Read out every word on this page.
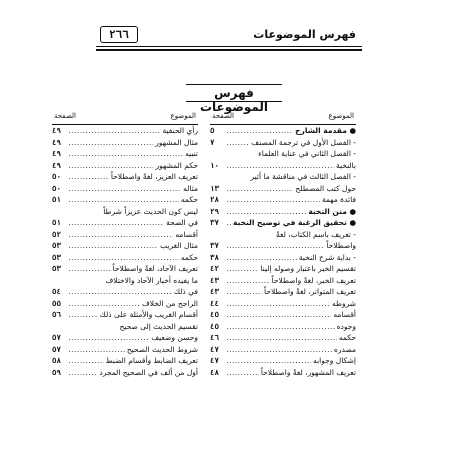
فهرس الموضوعات
٢٦٦
فهرس الموضوعات
الموضوع
الصفحة
.....
● مقدمة الشارح
٥
.....
- الفصل الأول في ترجمة المصنف .
٧
- الفصل الثاني في عناية العلماء
.....
بالنخبة
١٠
- الفصل الثالث في مناقشة ما أثير
.....
حول كتب المصطلح
١٣
.....
فائدة مهمة
٢٨
.....
● متن النخبة
٢٩
.....
● تحقيق الرغبة في توضيح النخبة
٣٧
- تعريف باسم الكتاب، لغةً
.....
واصطلاحاً
٣٧
.....
- بداية شرح النخبة
٣٨
.....
تقسيم الخبر باعتبار وصوله إلينا
٤٢
.....
تعريف الخبر، لغةً واصطلاحاً
٤٣
.....
تعريف المتواتر، لغةً واصطلاحاً
٤٣
.....
شروطه
٤٤
.....
أقسامه
٤٥
.....
وجوده
٤٥
.....
حكمه
٤٦
.....
مصدره
٤٧
.....
إشكال وجوابه
٤٧
.....
تعريف المشهور، لغةً واصطلاحاً
٤٨
الموضوع
الصفحة
.....
رأي الحنفية
٤٩
.....
مثال المشهور
٤٩
.....
تنبيه
٤٩
.....
حكم المشهور
٤٩
.....
تعريف العزيز، لغةً واصطلاحاً
٥٠
.....
مثاله
٥٠
.....
حكمه
٥١
ليس كون الحديث عزيزاً شرطاً
.....
في الصحة
٥١
.....
أقسامه
٥٢
.....
مثال الغريب
٥٣
.....
حكمه
٥٣
.....
تعريف الآحاد، لغةً واصطلاحاً
٥٣
ما يفيده أخبار الآحاد والاختلاف
.....
في ذلك
٥٤
.....
الراجح من الخلاف
٥٥
.....
أقسام الغريب والأمثلة على ذلك .
٥٦
تقسيم الحديث إلى صحيح
.....
وحسن وضعيف
٥٧
.....
شروط الحديث الصحيح
٥٧
.....
تعريف الضابط وأقسام الضبط
٥٨
.....
أول من ألف في الصحيح المجرد
٥٩
